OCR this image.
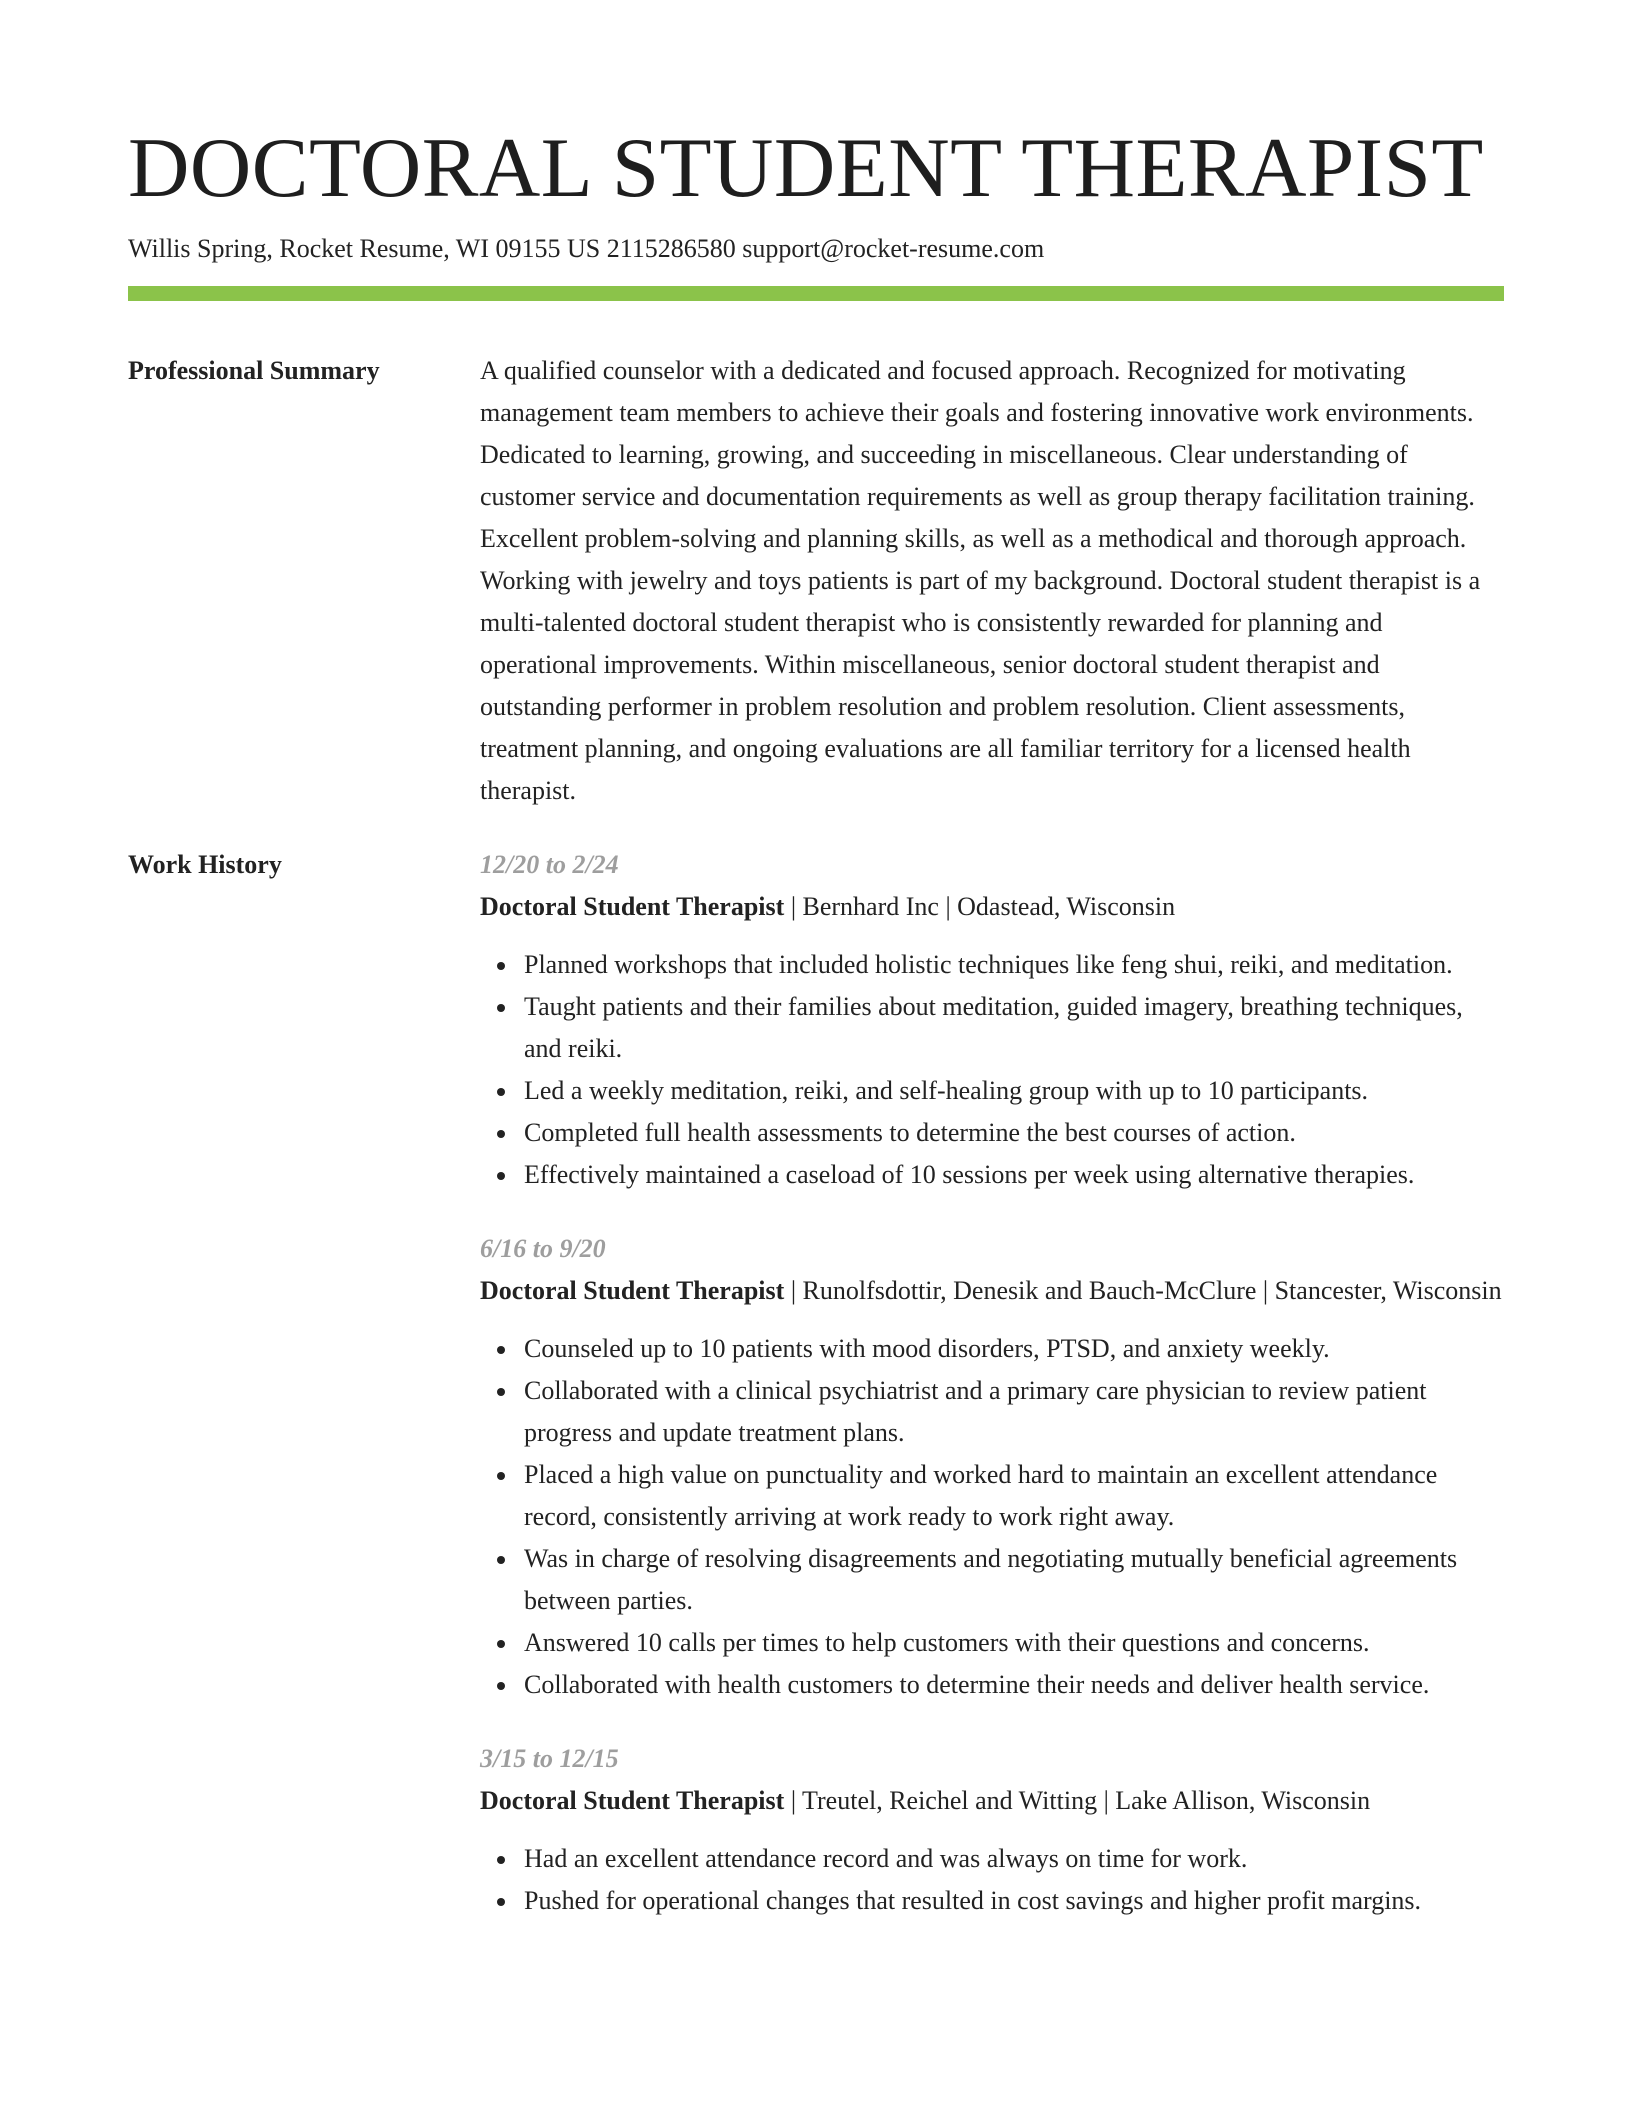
DOCTORAL STUDENT THERAPIST
Willis Spring, Rocket Resume, WI 09155 US 2115286580 support@rocket-resume.com
Professional Summary	A qualified counselor with a dedicated and focused approach. Recognized for motivating management team members to achieve their goals and fostering innovative work environments. Dedicated to learning, growing, and succeeding in miscellaneous. Clear understanding of customer service and documentation requirements as well as group therapy facilitation training. Excellent problem-solving and planning skills, as well as a methodical and thorough approach. Working with jewelry and toys patients is part of my background. Doctoral student therapist is a multi-talented doctoral student therapist who is consistently rewarded for planning and operational improvements. Within miscellaneous, senior doctoral student therapist and outstanding performer in problem resolution and problem resolution. Client assessments, treatment planning, and ongoing evaluations are all familiar territory for a licensed health therapist.

Work History	12/20 to 2/24

Doctoral Student Therapist | Bernhard Inc | Odastead, Wisconsin

Planned workshops that included holistic techniques like feng shui, reiki, and meditation.
Taught patients and their families about meditation, guided imagery, breathing techniques, and reiki.
Led a weekly meditation, reiki, and self-healing group with up to 10 participants.
Completed full health assessments to determine the best courses of action.
Effectively maintained a caseload of 10 sessions per week using alternative therapies.

6/16 to 9/20

Doctoral Student Therapist | Runolfsdottir, Denesik and Bauch-McClure | Stancester, Wisconsin

Counseled up to 10 patients with mood disorders, PTSD, and anxiety weekly.
Collaborated with a clinical psychiatrist and a primary care physician to review patient progress and update treatment plans.
Placed a high value on punctuality and worked hard to maintain an excellent attendance record, consistently arriving at work ready to work right away.
Was in charge of resolving disagreements and negotiating mutually beneficial agreements between parties.
Answered 10 calls per times to help customers with their questions and concerns.
Collaborated with health customers to determine their needs and deliver health service.

3/15 to 12/15

Doctoral Student Therapist | Treutel, Reichel and Witting | Lake Allison, Wisconsin

Had an excellent attendance record and was always on time for work.
Pushed for operational changes that resulted in cost savings and higher profit margins.
